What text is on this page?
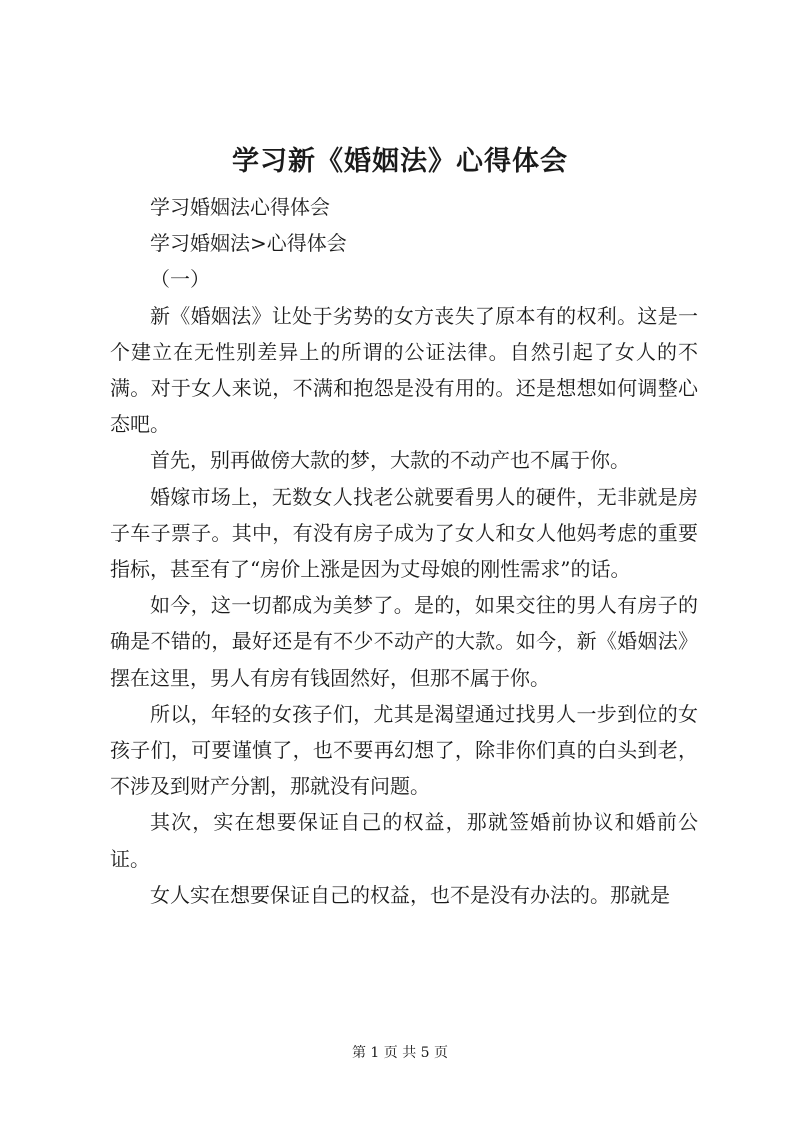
学习新《婚姻法》心得体会

学习婚姻法心得体会

学习婚姻法>心得体会

（一）

新《婚姻法》让处于劣势的女方丧失了原本有的权利。这是一个建立在无性别差异上的所谓的公证法律。自然引起了女人的不满。对于女人来说，不满和抱怨是没有用的。还是想想如何调整心态吧。

首先，别再做傍大款的梦，大款的不动产也不属于你。

婚嫁市场上，无数女人找老公就要看男人的硬件，无非就是房子车子票子。其中，有没有房子成为了女人和女人他妈考虑的重要指标，甚至有了“房价上涨是因为丈母娘的刚性需求”的话。

如今，这一切都成为美梦了。是的，如果交往的男人有房子的确是不错的，最好还是有不少不动产的大款。如今，新《婚姻法》摆在这里，男人有房有钱固然好，但那不属于你。

所以，年轻的女孩子们，尤其是渴望通过找男人一步到位的女孩子们，可要谨慎了，也不要再幻想了，除非你们真的白头到老，不涉及到财产分割，那就没有问题。

其次，实在想要保证自己的权益，那就签婚前协议和婚前公证。

女人实在想要保证自己的权益，也不是没有办法的。那就是

第 1 页 共 5 页
